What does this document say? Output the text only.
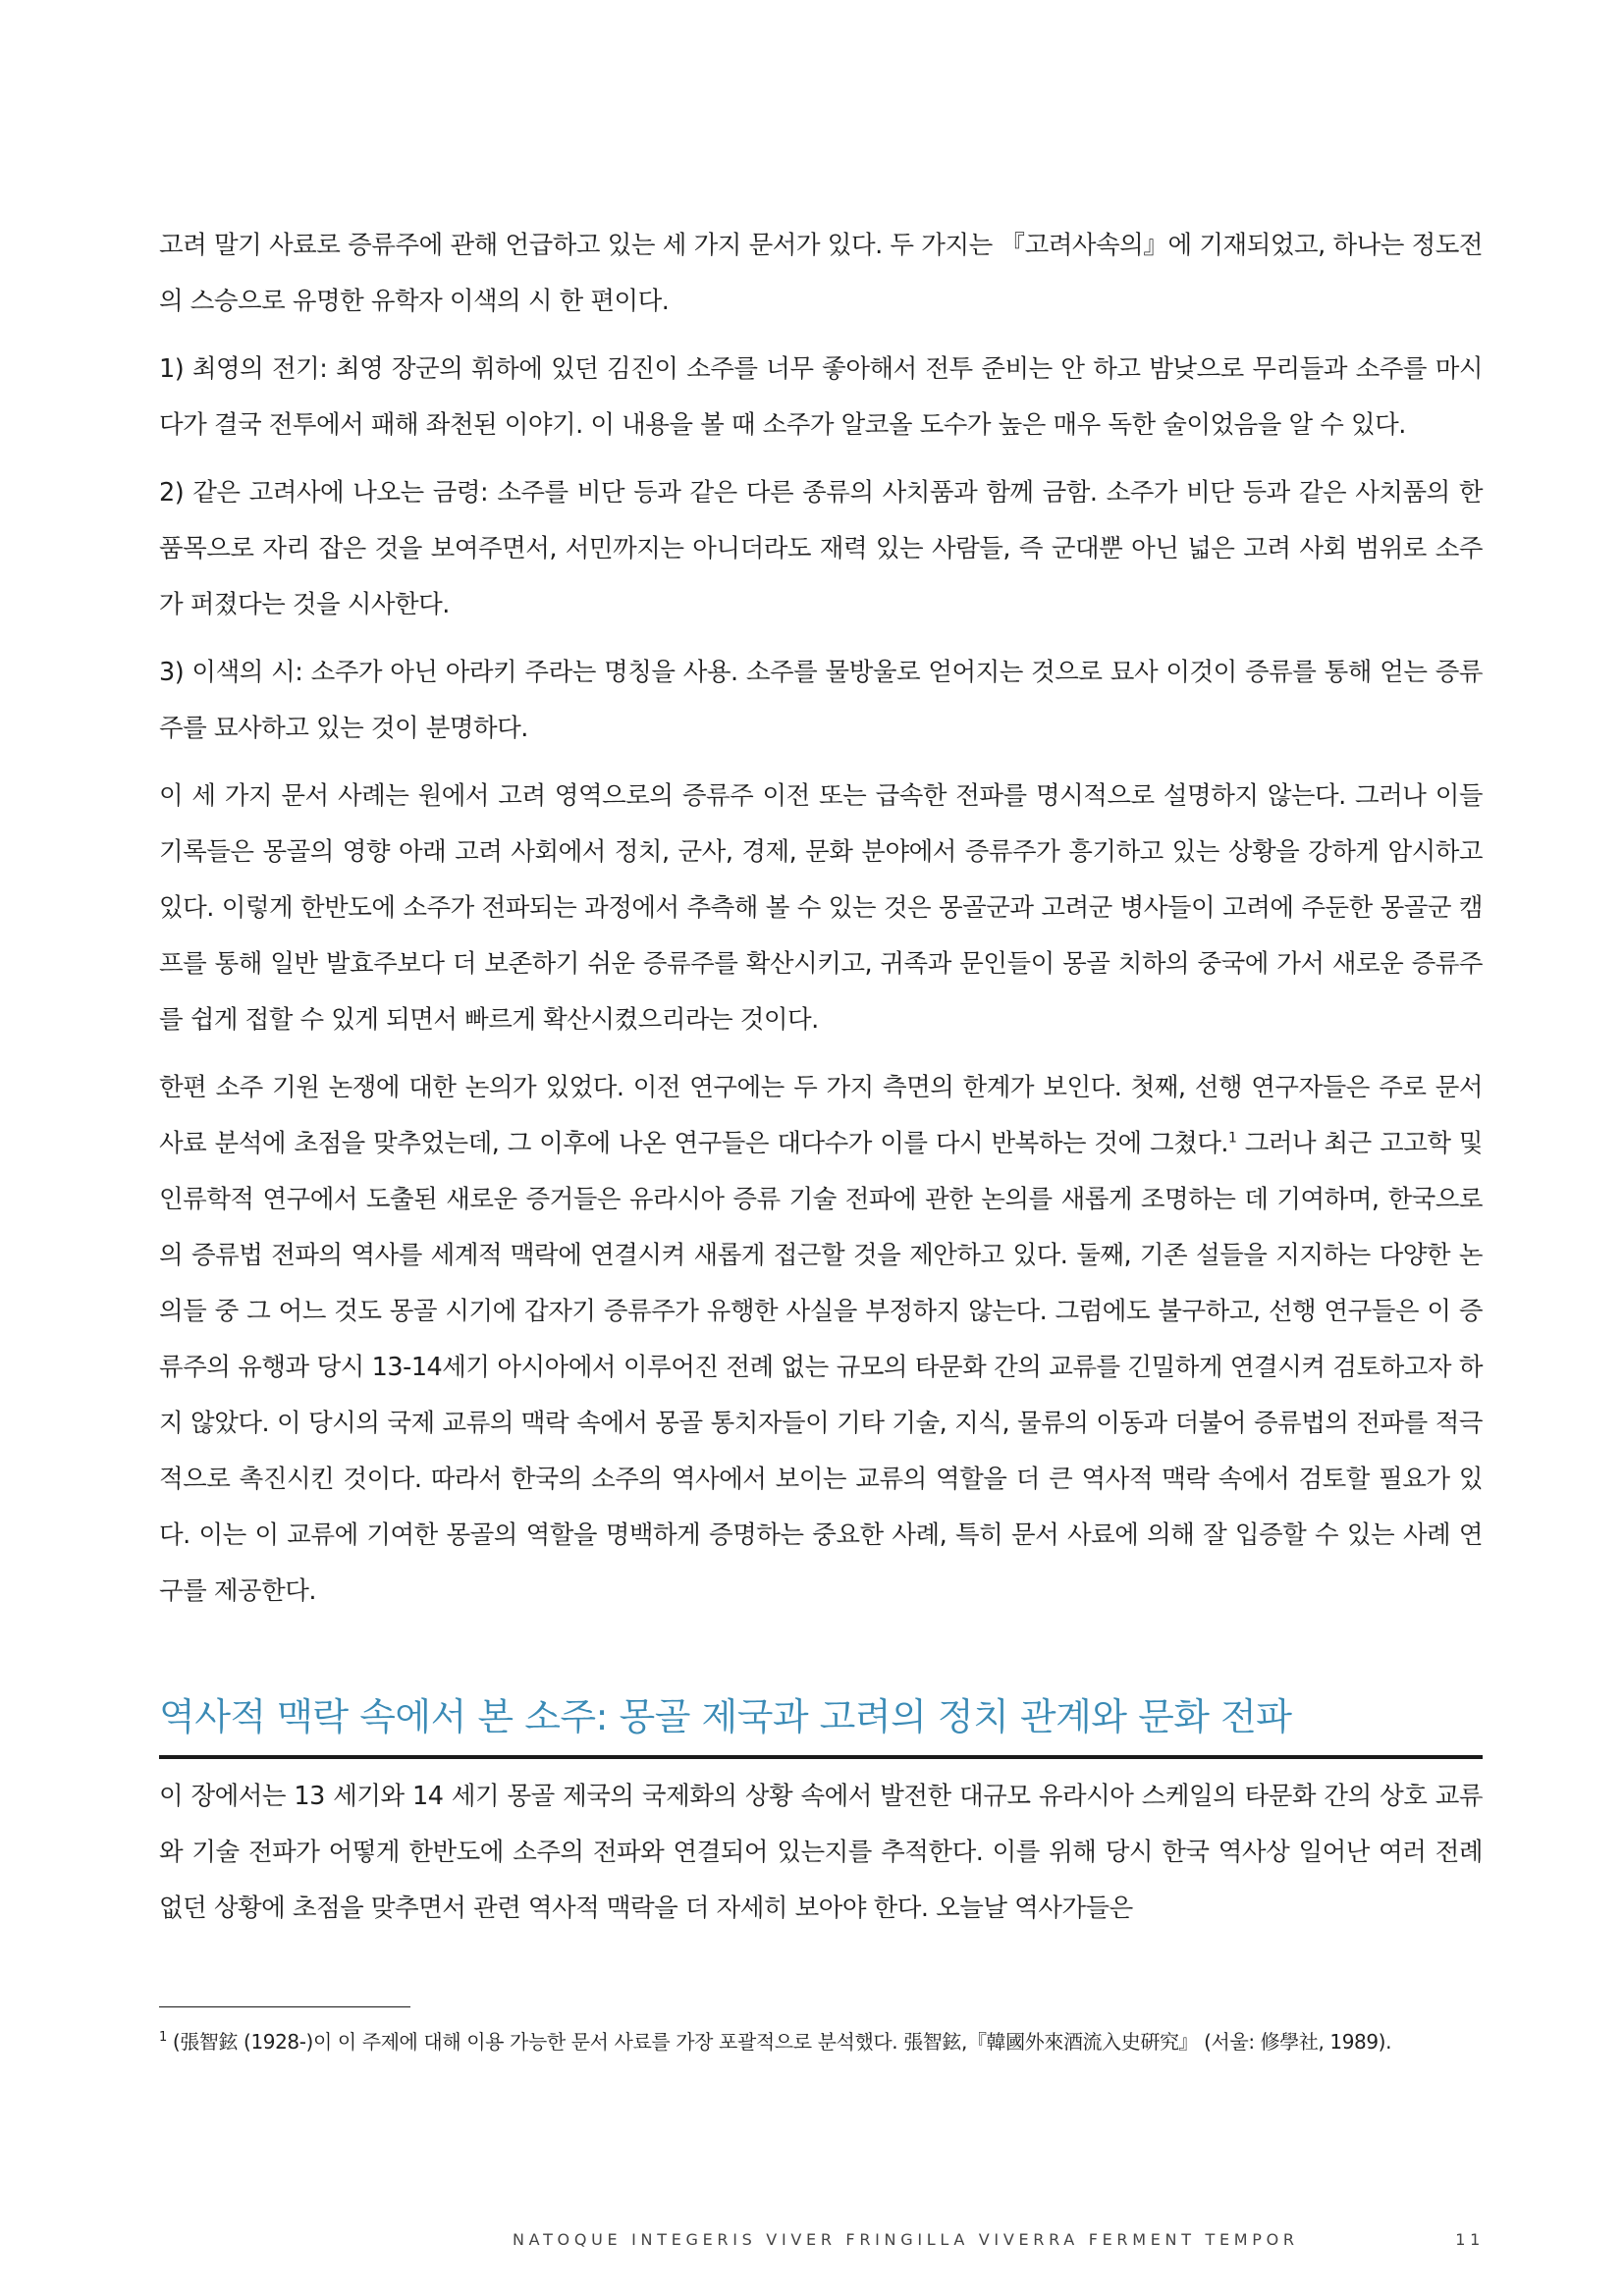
고려 말기 사료로 증류주에 관해 언급하고 있는 세 가지 문서가 있다. 두 가지는 『고려사속의』에 기재되었고, 하나는 정도전의 스승으로 유명한 유학자 이색의 시 한 편이다.

1) 최영의 전기: 최영 장군의 휘하에 있던 김진이 소주를 너무 좋아해서 전투 준비는 안 하고 밤낮으로 무리들과 소주를 마시다가 결국 전투에서 패해 좌천된 이야기. 이 내용을 볼 때 소주가 알코올 도수가 높은 매우 독한 술이었음을 알 수 있다.

2) 같은 고려사에 나오는 금령: 소주를 비단 등과 같은 다른 종류의 사치품과 함께 금함. 소주가 비단 등과 같은 사치품의 한 품목으로 자리 잡은 것을 보여주면서, 서민까지는 아니더라도 재력 있는 사람들, 즉 군대뿐 아닌 넓은 고려 사회 범위로 소주가 퍼졌다는 것을 시사한다.

3) 이색의 시: 소주가 아닌 아라키 주라는 명칭을 사용. 소주를 물방울로 얻어지는 것으로 묘사 이것이 증류를 통해 얻는 증류주를 묘사하고 있는 것이 분명하다.

이 세 가지 문서 사례는 원에서 고려 영역으로의 증류주 이전 또는 급속한 전파를 명시적으로 설명하지 않는다. 그러나 이들 기록들은 몽골의 영향 아래 고려 사회에서 정치, 군사, 경제, 문화 분야에서 증류주가 흥기하고 있는 상황을 강하게 암시하고 있다. 이렇게 한반도에 소주가 전파되는 과정에서 추측해 볼 수 있는 것은 몽골군과 고려군 병사들이 고려에 주둔한 몽골군 캠프를 통해 일반 발효주보다 더 보존하기 쉬운 증류주를 확산시키고, 귀족과 문인들이 몽골 치하의 중국에 가서 새로운 증류주를 쉽게 접할 수 있게 되면서 빠르게 확산시켰으리라는 것이다.

한편 소주 기원 논쟁에 대한 논의가 있었다. 이전 연구에는 두 가지 측면의 한계가 보인다. 첫째, 선행 연구자들은 주로 문서 사료 분석에 초점을 맞추었는데, 그 이후에 나온 연구들은 대다수가 이를 다시 반복하는 것에 그쳤다.$^1$ 그러나 최근 고고학 및 인류학적 연구에서 도출된 새로운 증거들은 유라시아 증류 기술 전파에 관한 논의를 새롭게 조명하는 데 기여하며, 한국으로의 증류법 전파의 역사를 세계적 맥락에 연결시켜 새롭게 접근할 것을 제안하고 있다. 둘째, 기존 설들을 지지하는 다양한 논의들 중 그 어느 것도 몽골 시기에 갑자기 증류주가 유행한 사실을 부정하지 않는다. 그럼에도 불구하고, 선행 연구들은 이 증류주의 유행과 당시 13-14세기 아시아에서 이루어진 전례 없는 규모의 타문화 간의 교류를 긴밀하게 연결시켜 검토하고자 하지 않았다. 이 당시의 국제 교류의 맥락 속에서 몽골 통치자들이 기타 기술, 지식, 물류의 이동과 더불어 증류법의 전파를 적극적으로 촉진시킨 것이다. 따라서 한국의 소주의 역사에서 보이는 교류의 역할을 더 큰 역사적 맥락 속에서 검토할 필요가 있다. 이는 이 교류에 기여한 몽골의 역할을 명백하게 증명하는 중요한 사례, 특히 문서 사료에 의해 잘 입증할 수 있는 사례 연구를 제공한다.

역사적 맥락 속에서 본 소주: 몽골 제국과 고려의 정치 관계와 문화 전파

이 장에서는 13 세기와 14 세기 몽골 제국의 국제화의 상황 속에서 발전한 대규모 유라시아 스케일의 타문화 간의 상호 교류와 기술 전파가 어떻게 한반도에 소주의 전파와 연결되어 있는지를 추적한다. 이를 위해 당시 한국 역사상 일어난 여러 전례 없던 상황에 초점을 맞추면서 관련 역사적 맥락을 더 자세히 보아야 한다. 오늘날 역사가들은

$^1$ (張智鉉 (1928-)이 이 주제에 대해 이용 가능한 문서 사료를 가장 포괄적으로 분석했다. 張智鉉,『韓國外來酒流入史硏究』 (서울: 修學社, 1989).
NATOQUE INTEGERIS VIVER FRINGILLA VIVERRA FERMENT TEMPOR	11
